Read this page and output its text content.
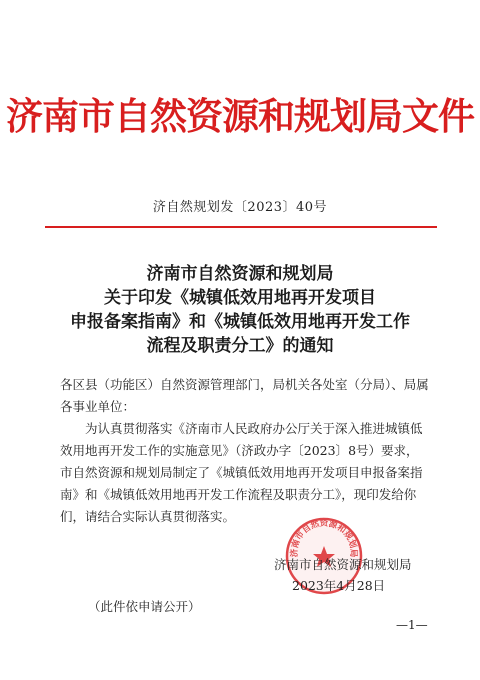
济南市自然资源和规划局文件
济自然规划发〔2023〕40号
济南市自然资源和规划局
关于印发《城镇低效用地再开发项目
申报备案指南》和《城镇低效用地再开发工作
流程及职责分工》的通知
各区县（功能区）自然资源管理部门，局机关各处室（分局）、局属各事业单位：
为认真贯彻落实《济南市人民政府办公厅关于深入推进城镇低效用地再开发工作的实施意见》（济政办字〔2023〕8号）要求，市自然资源和规划局制定了《城镇低效用地再开发项目申报备案指南》和《城镇低效用地再开发工作流程及职责分工》，现印发给你们，请结合实际认真贯彻落实。
济南市自然资源和规划局
济南市自然资源和规划局
2023年4月28日
（此件依申请公开）
—1—
